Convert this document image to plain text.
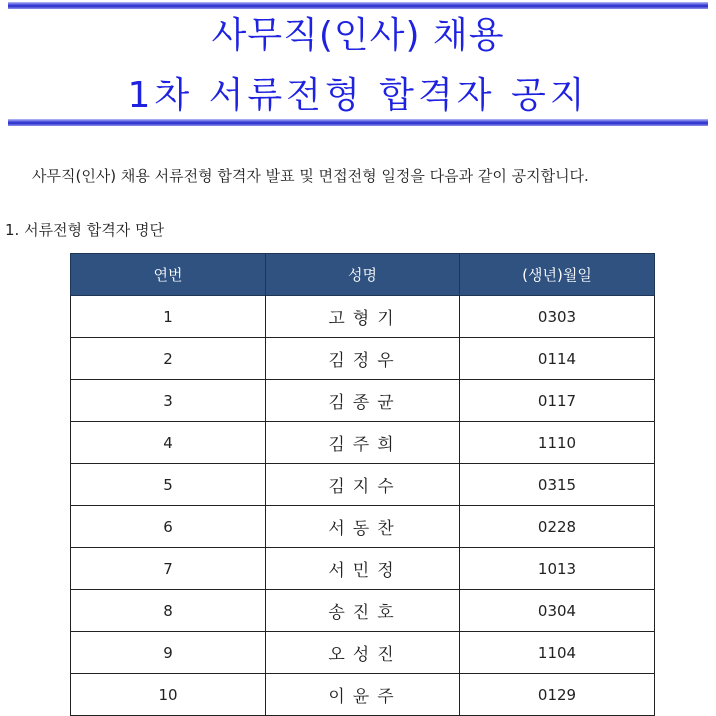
사무직(인사) 채용
1차 서류전형 합격자 공지
사무직(인사) 채용 서류전형 합격자 발표 및 면접전형 일정을 다음과 같이 공지합니다.
1. 서류전형 합격자 명단
연번	성명	(생년)월일
1	고형기	0303
2	김정우	0114
3	김종균	0117
4	김주희	1110
5	김지수	0315
6	서동찬	0228
7	서민정	1013
8	송진호	0304
9	오성진	1104
10	이윤주	0129
